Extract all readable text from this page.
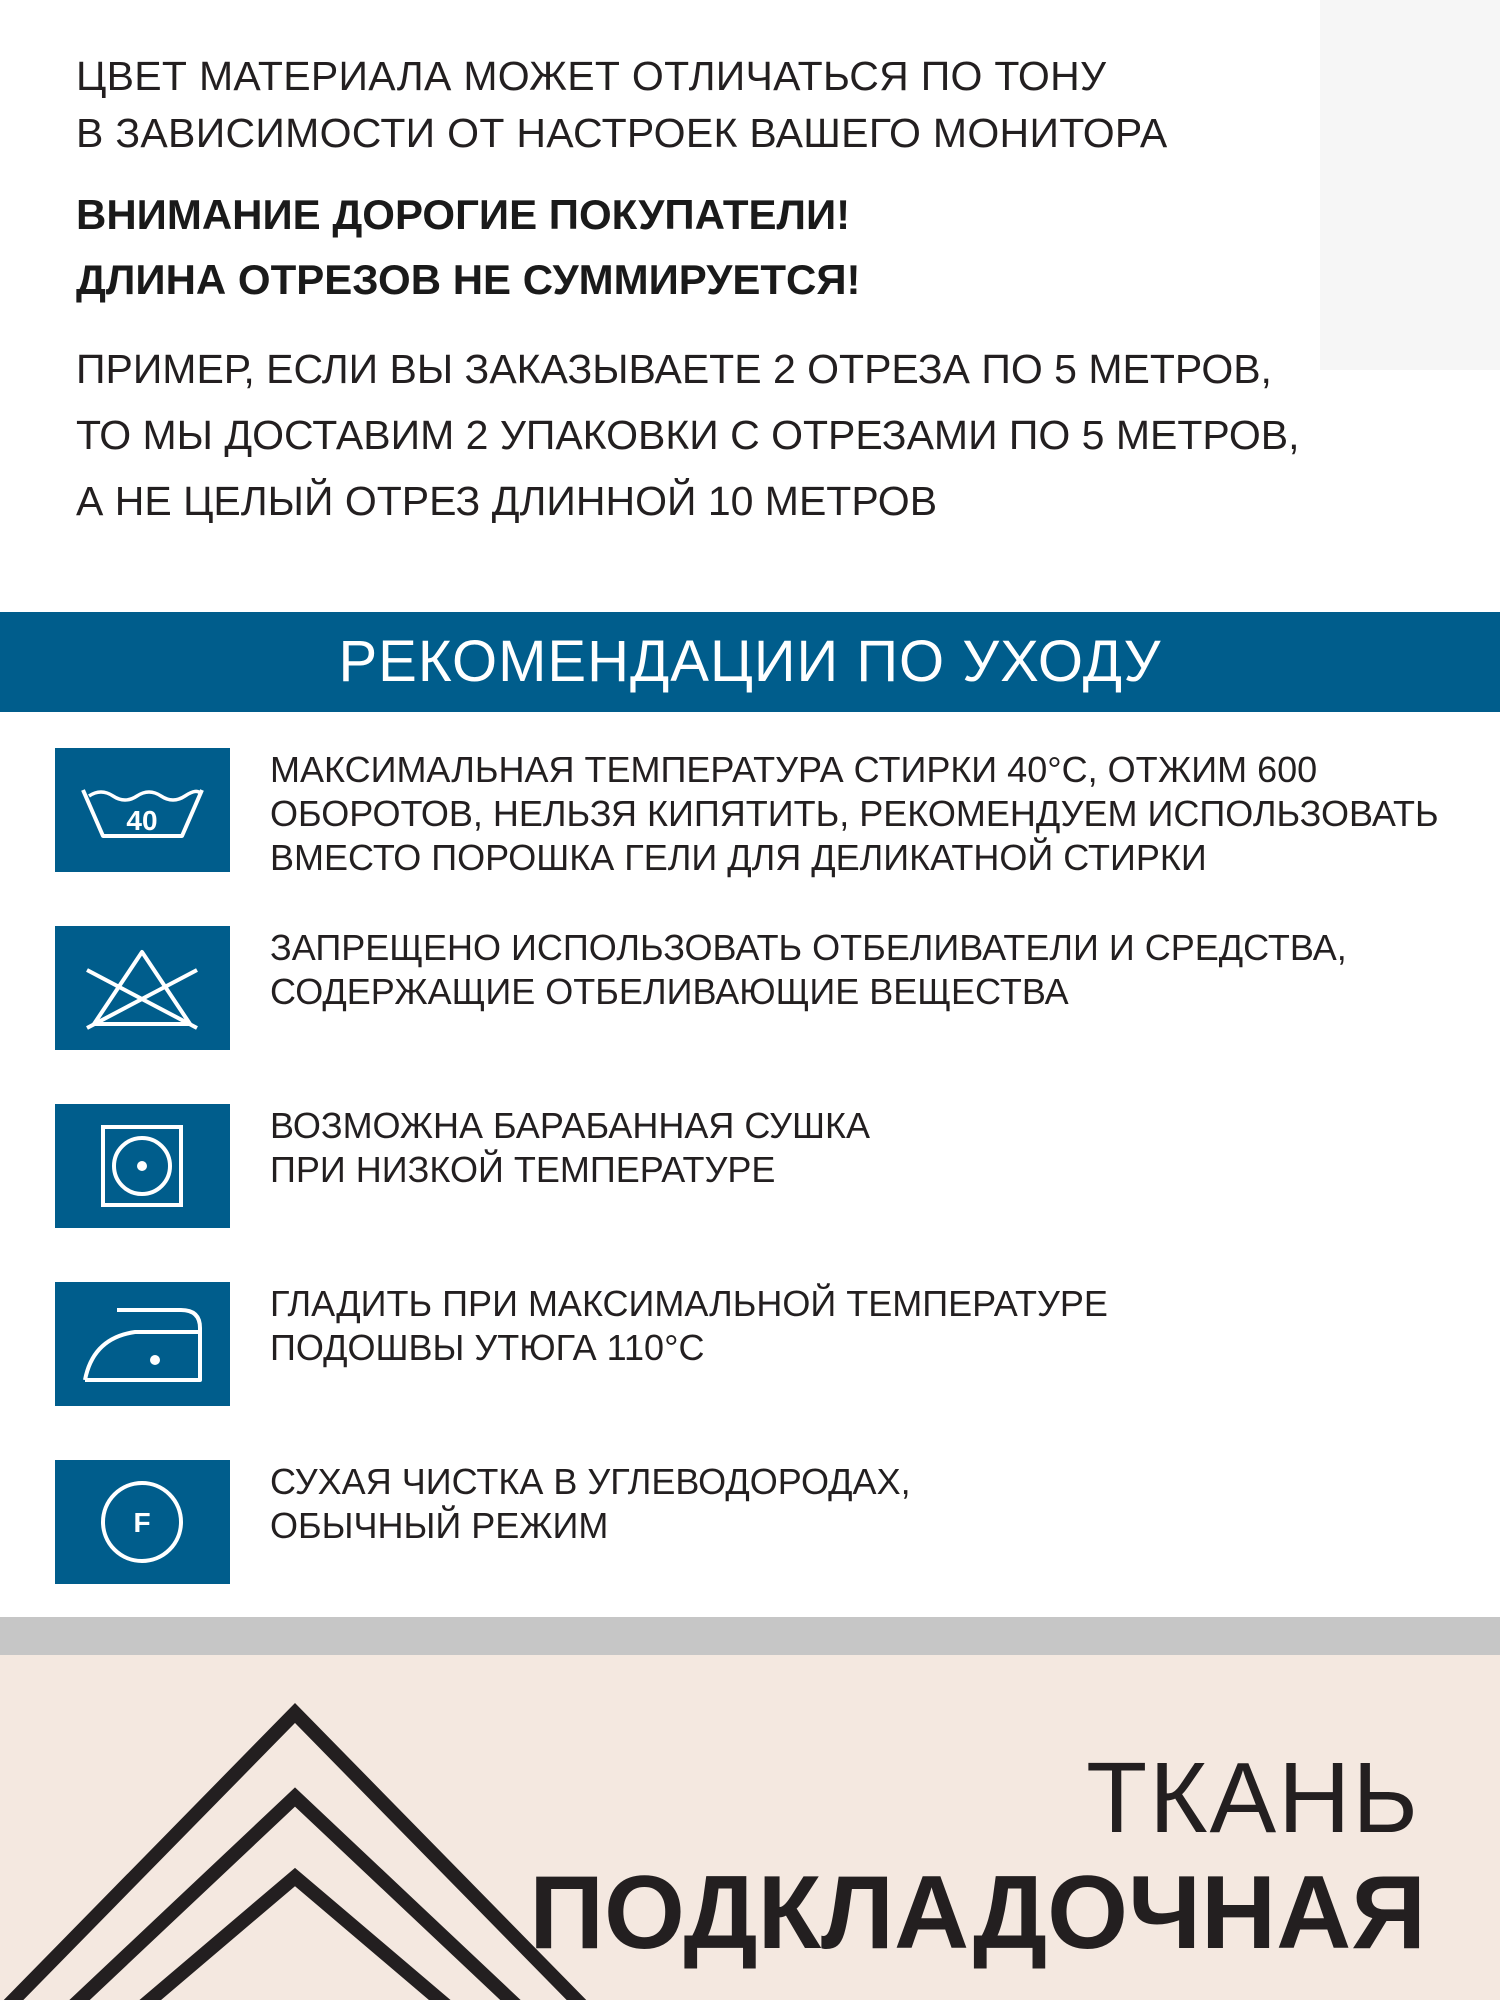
ЦВЕТ МАТЕРИАЛА МОЖЕТ ОТЛИЧАТЬСЯ ПО ТОНУ

В ЗАВИСИМОСТИ ОТ НАСТРОЕК ВАШЕГО МОНИТОРА

ВНИМАНИЕ ДОРОГИЕ ПОКУПАТЕЛИ!

ДЛИНА ОТРЕЗОВ НЕ СУММИРУЕТСЯ!

ПРИМЕР, ЕСЛИ ВЫ ЗАКАЗЫВАЕТЕ 2 ОТРЕЗА ПО 5 МЕТРОВ,

ТО МЫ ДОСТАВИМ 2 УПАКОВКИ С ОТРЕЗАМИ ПО 5 МЕТРОВ,

А НЕ ЦЕЛЫЙ ОТРЕЗ ДЛИННОЙ 10 МЕТРОВ

РЕКОМЕНДАЦИИ ПО УХОДУ
40
МАКСИМАЛЬНАЯ ТЕМПЕРАТУРА СТИРКИ 40°С, ОТЖИМ 600
ОБОРОТОВ, НЕЛЬЗЯ КИПЯТИТЬ, РЕКОМЕНДУЕМ ИСПОЛЬЗОВАТЬ
ВМЕСТО ПОРОШКА ГЕЛИ ДЛЯ ДЕЛИКАТНОЙ СТИРКИ
ЗАПРЕЩЕНО ИСПОЛЬЗОВАТЬ ОТБЕЛИВАТЕЛИ И СРЕДСТВА,
СОДЕРЖАЩИЕ ОТБЕЛИВАЮЩИЕ ВЕЩЕСТВА
ВОЗМОЖНА БАРАБАННАЯ СУШКА
ПРИ НИЗКОЙ ТЕМПЕРАТУРЕ
ГЛАДИТЬ ПРИ МАКСИМАЛЬНОЙ ТЕМПЕРАТУРЕ
ПОДОШВЫ УТЮГА 110°С
F
СУХАЯ ЧИСТКА В УГЛЕВОДОРОДАХ,
ОБЫЧНЫЙ РЕЖИМ
ТКАНЬ
ПОДКЛАДОЧНАЯ
